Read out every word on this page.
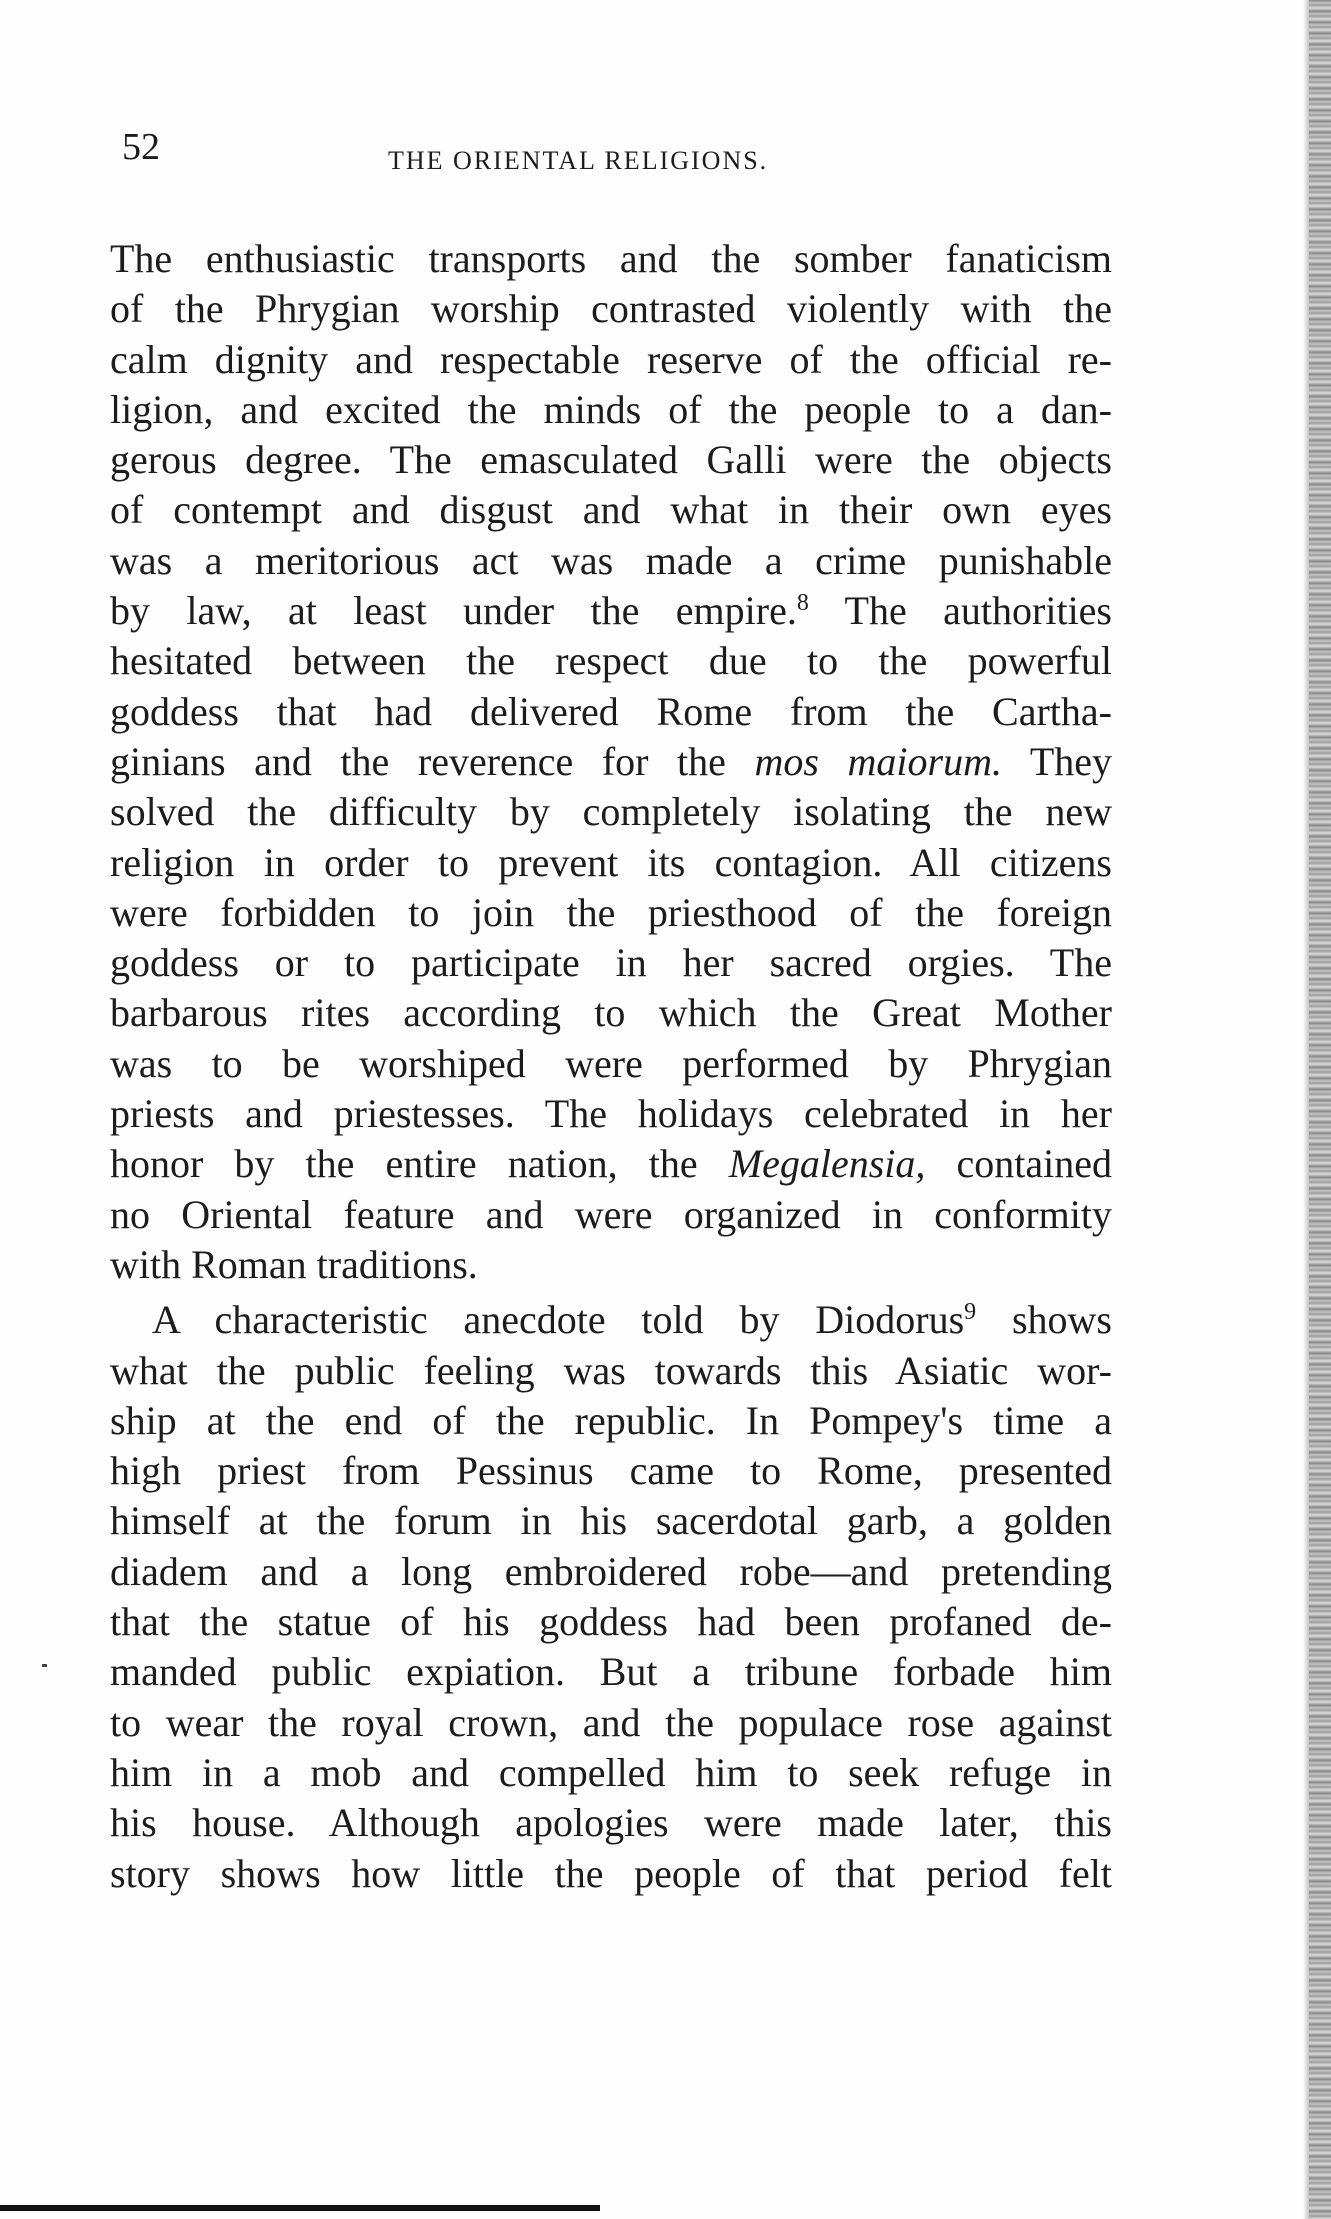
52	THE ORIENTAL RELIGIONS.
The enthusiastic transports and the somber fanaticism
of the Phrygian worship contrasted violently with the
calm dignity and respectable reserve of the official re-
ligion, and excited the minds of the people to a dan-
gerous degree. The emasculated Galli were the objects
of contempt and disgust and what in their own eyes
was a meritorious act was made a crime punishable
by law, at least under the empire.$^8$ The authorities
hesitated between the respect due to the powerful
goddess that had delivered Rome from the Cartha-
ginians and the reverence for the mos maiorum. They
solved the difficulty by completely isolating the new
religion in order to prevent its contagion. All citizens
were forbidden to join the priesthood of the foreign
goddess or to participate in her sacred orgies. The
barbarous rites according to which the Great Mother
was to be worshiped were performed by Phrygian
priests and priestesses. The holidays celebrated in her
honor by the entire nation, the Megalensia, contained
no Oriental feature and were organized in conformity
with Roman traditions.
A characteristic anecdote told by Diodorus$^9$ shows
what the public feeling was towards this Asiatic wor-
ship at the end of the republic. In Pompey's time a
high priest from Pessinus came to Rome, presented
himself at the forum in his sacerdotal garb, a golden
diadem and a long embroidered robe—and pretending
that the statue of his goddess had been profaned de-
manded public expiation. But a tribune forbade him
to wear the royal crown, and the populace rose against
him in a mob and compelled him to seek refuge in
his house. Although apologies were made later, this
story shows how little the people of that period felt
